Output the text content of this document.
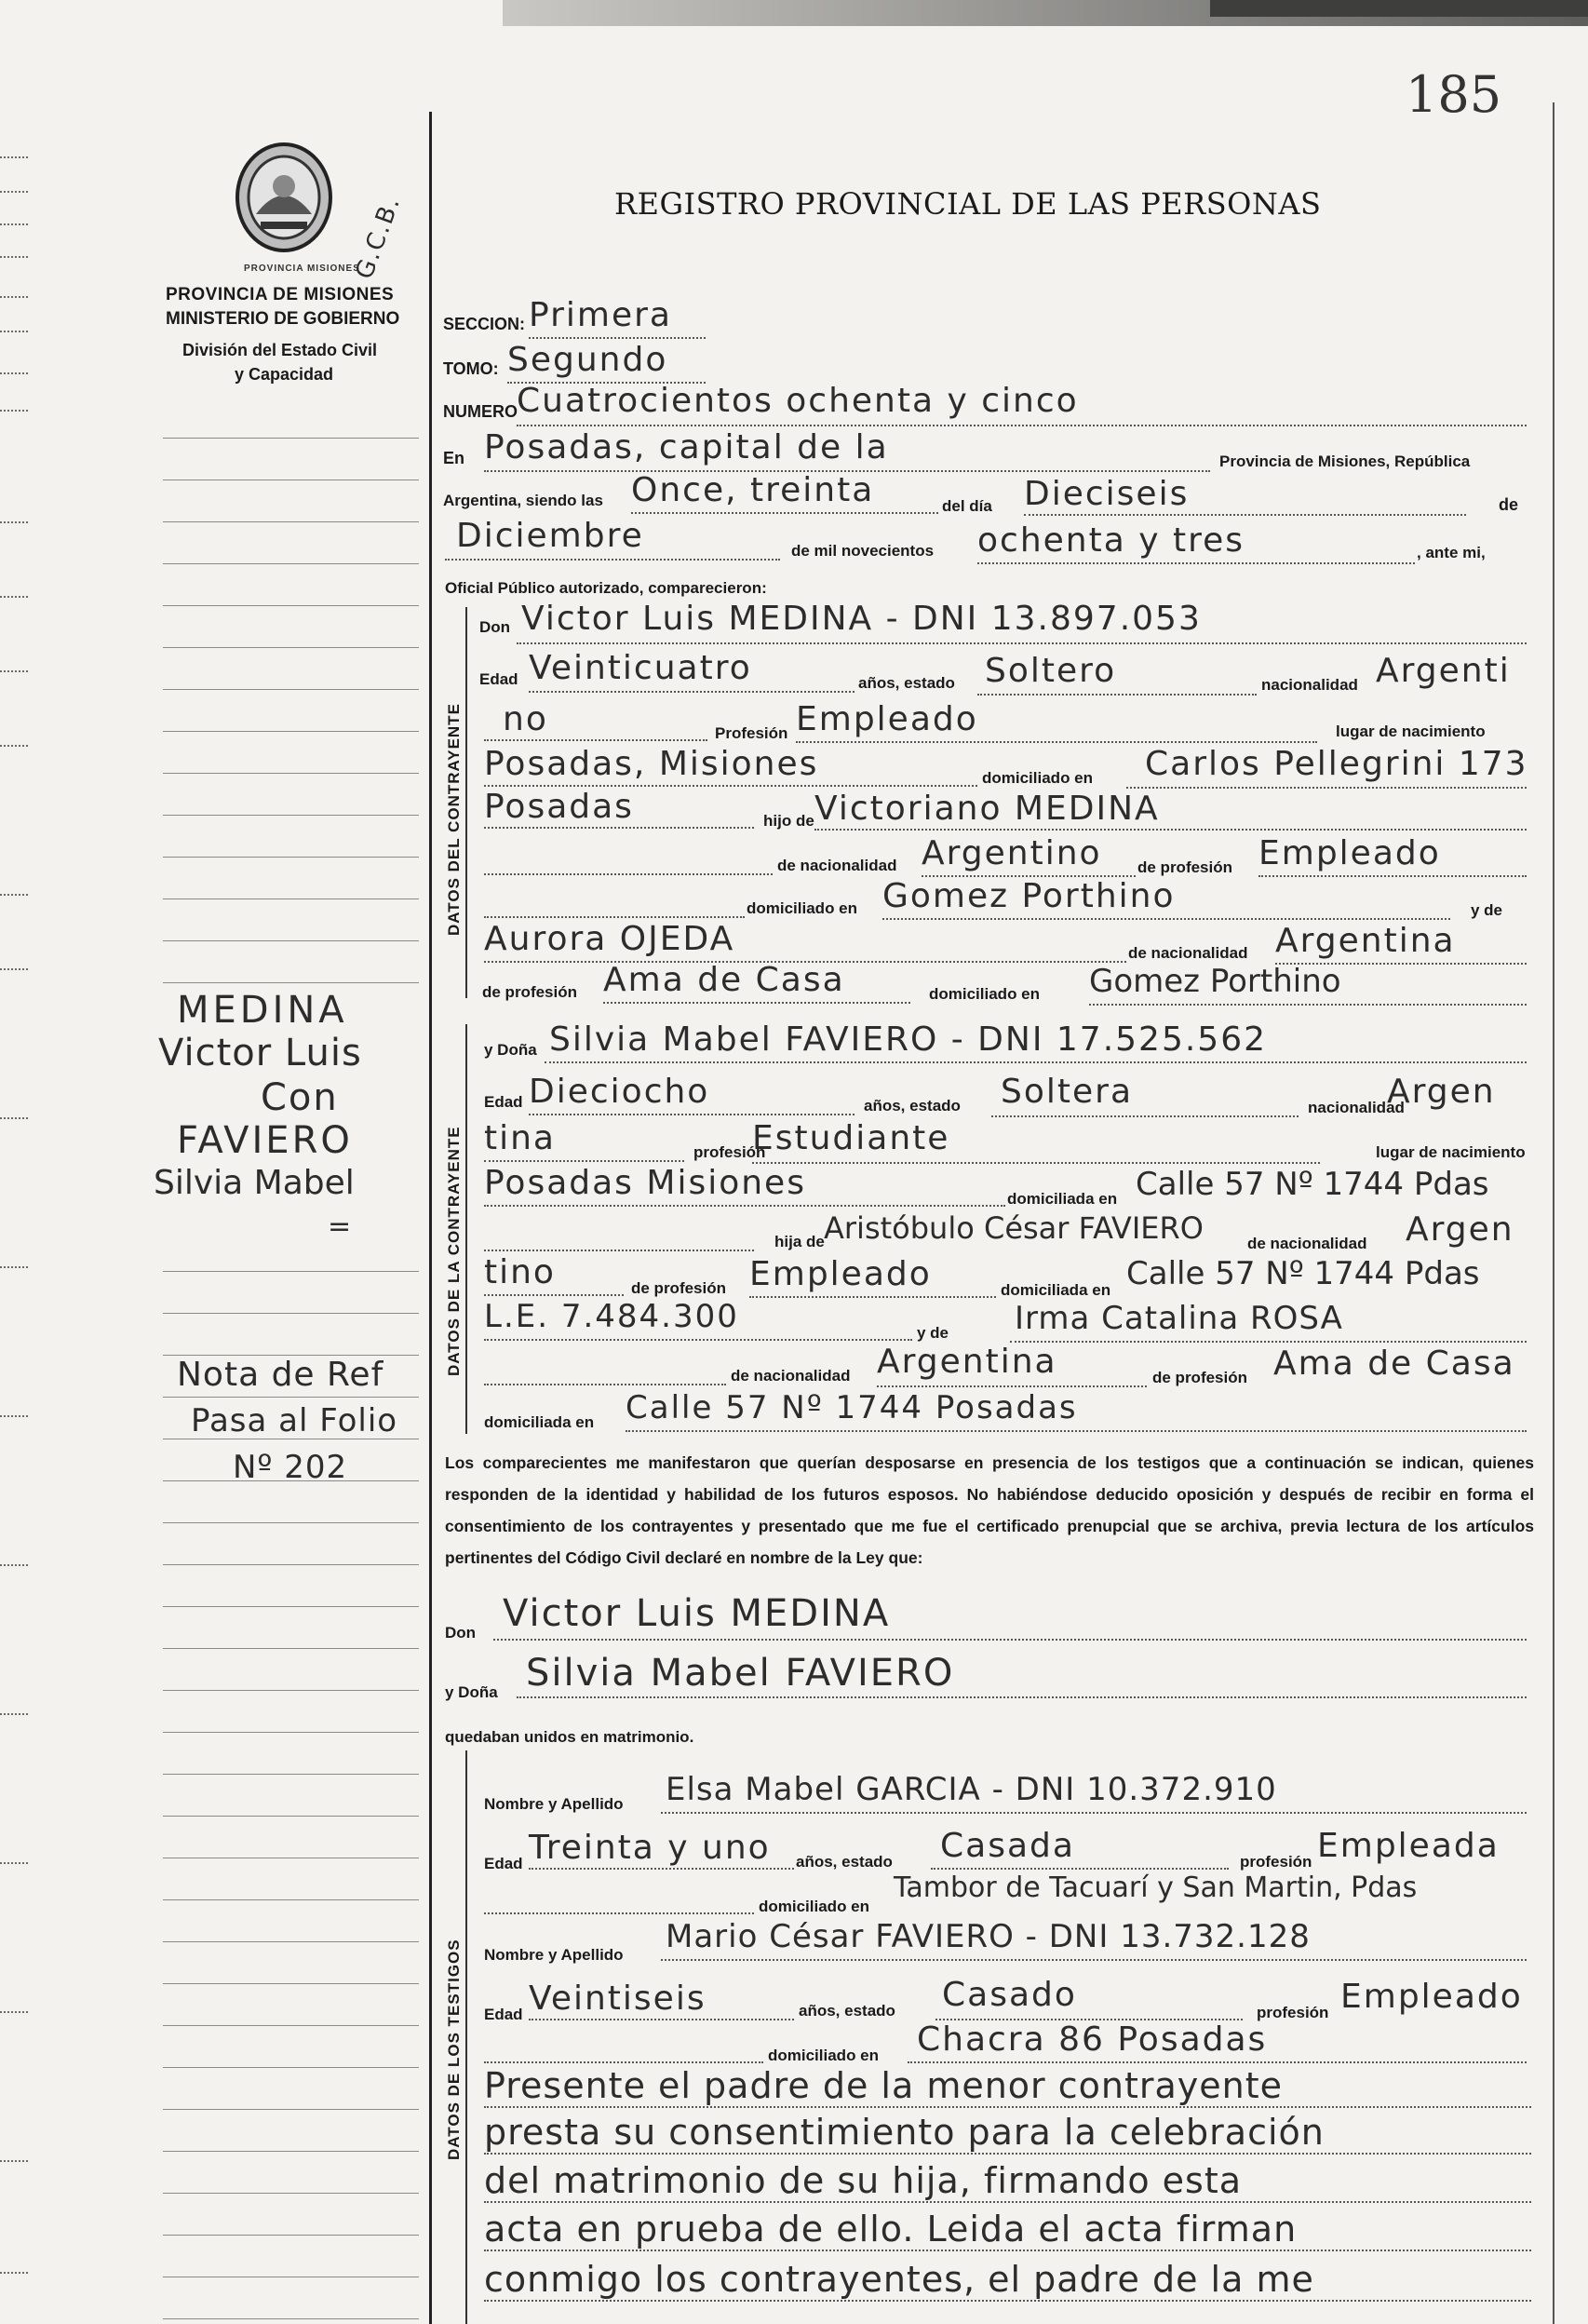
185
PROVINCIA MISIONES
G.C.B.
PROVINCIA DE MISIONES
MINISTERIO DE GOBIERNO
División del Estado Civil
y Capacidad
REGISTRO PROVINCIAL DE LAS PERSONAS
SECCION: Primera
TOMO: Segundo
NUMERO Cuatrocientos ochenta y cinco
En Posadas, capital de la	Provincia de Misiones, República
Argentina, siendo las Once, treinta	del día Dieciseis	de
Diciembre	de mil novecientos ochenta y tres	, ante mi,
Oficial Público autorizado, comparecieron:
DATOS DEL CONTRAYENTE
Don Victor Luis MEDINA - DNI 13.897.053
Edad Veinticuatro	años, estado Soltero	nacionalidad Argenti
no	Profesión Empleado	lugar de nacimiento
Posadas, Misiones	domiciliado en Carlos Pellegrini 173
Posadas	hijo de Victoriano MEDINA
de nacionalidad Argentino de profesión Empleado
domiciliado en Gomez Porthino	y de
Aurora OJEDA	de nacionalidad Argentina
de profesión Ama de Casa	domiciliado en Gomez Porthino
DATOS DE LA CONTRAYENTE
y Doña Silvia Mabel FAVIERO - DNI 17.525.562
Edad Dieciocho	años, estado Soltera	nacionalidad
Argen
tina	profesión
Estudiante	lugar de nacimiento
Posadas Misiones	domiciliada en Calle 57 Nº 1744 Pdas
hija de Aristóbulo César FAVIERO	de nacionalidad Argen
tino	de profesión Empleado	domiciliada en Calle 57 Nº 1744 Pdas
L.E. 7.484.300	y de Irma Catalina ROSA
de nacionalidad Argentina	de profesión Ama de Casa
domiciliada en Calle 57 Nº 1744 Posadas
Los comparecientes me manifestaron que querían desposarse en presencia de los testigos que a continuación se indican, quienes responden de la identidad y habilidad de los futuros esposos. No habiéndose deducido oposición y después de recibir en forma el consentimiento de los contrayentes y presentado que me fue el certificado prenupcial que se archiva, previa lectura de los artículos pertinentes del Código Civil declaré en nombre de la Ley que:
Don Victor Luis MEDINA
y Doña Silvia Mabel FAVIERO
quedaban unidos en matrimonio.
DATOS DE LOS TESTIGOS
Nombre y Apellido Elsa Mabel GARCIA - DNI 10.372.910
Edad Treinta y uno años, estado Casada	profesión Empleada
domiciliado en
Tambor de Tacuarí y San Martin, Pdas
Nombre y Apellido Mario César FAVIERO - DNI 13.732.128
Edad Veintiseis	años, estado Casado	profesión Empleado
domiciliado en Chacra 86 Posadas
Presente el padre de la menor contrayente
presta su consentimiento para la celebración
del matrimonio de su hija, firmando esta
acta en prueba de ello. Leida el acta firman
conmigo los contrayentes, el padre de la me
MEDINA
Victor Luis
Con
FAVIERO
Silvia Mabel
=
Nota de Ref
Pasa al Folio
Nº 202
